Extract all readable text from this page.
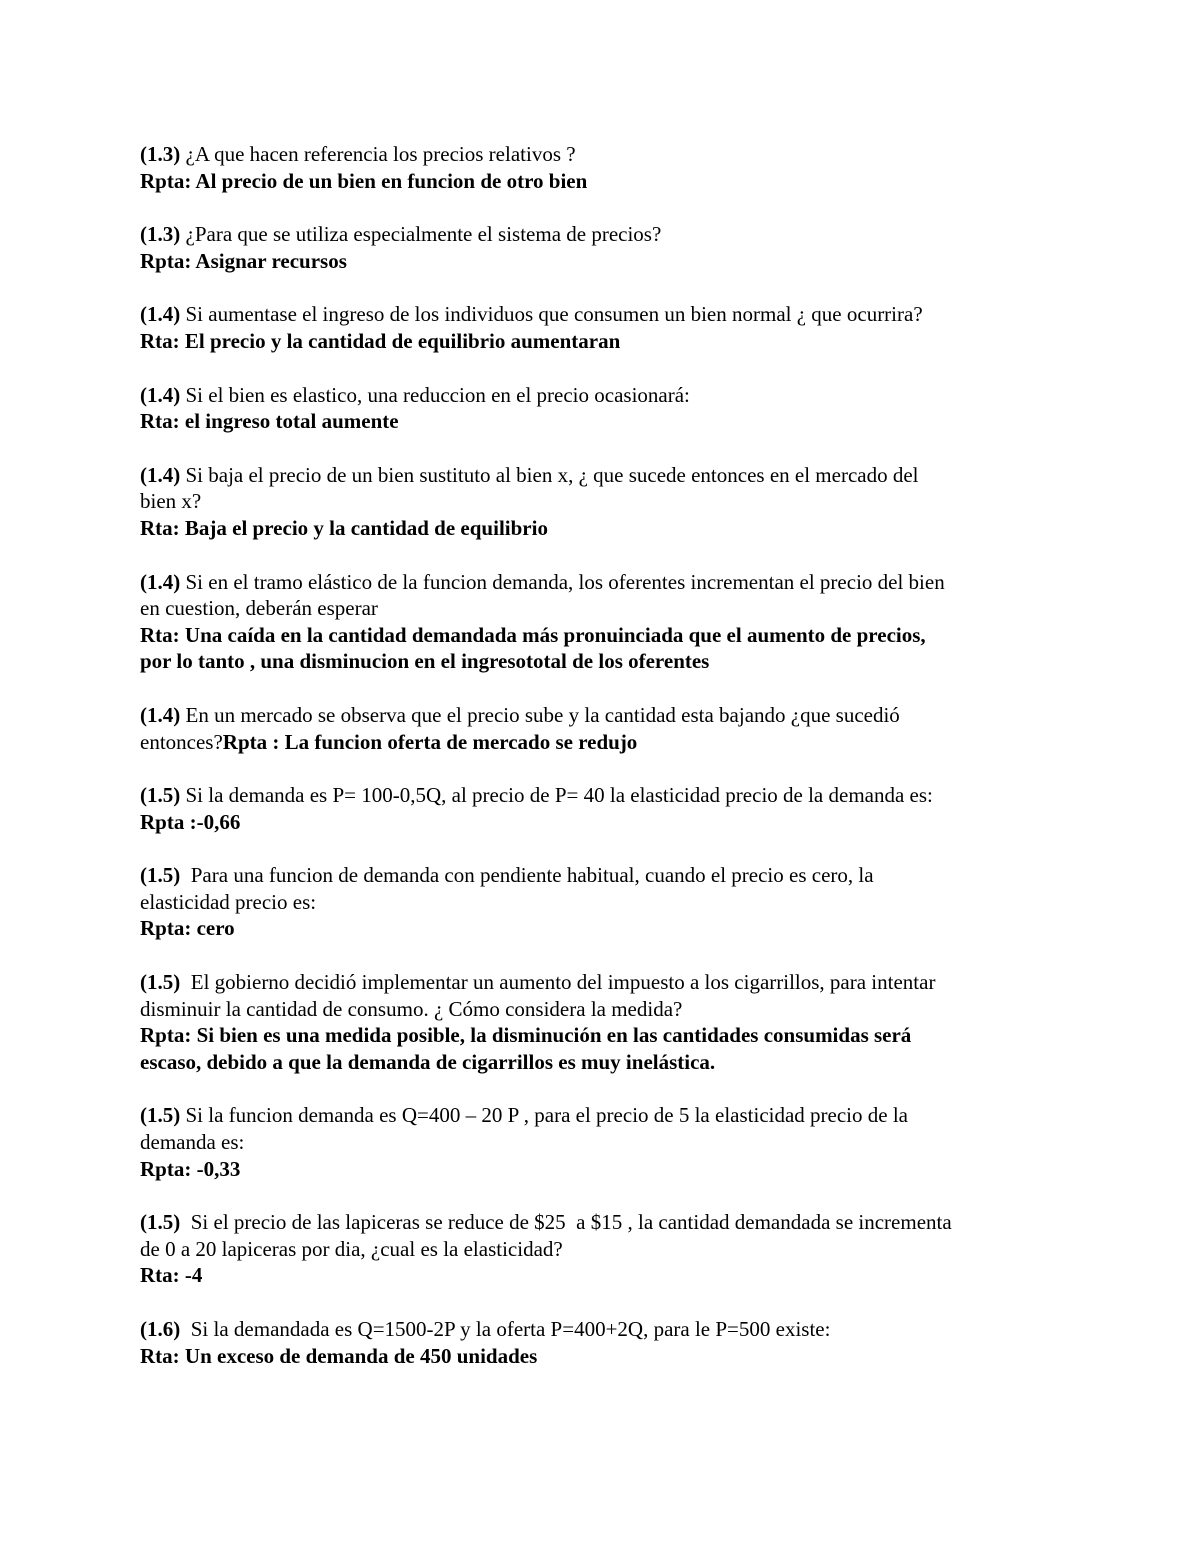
(1.3) ¿A que hacen referencia los precios relativos ?
Rpta: Al precio de un bien en funcion de otro bien
(1.3) ¿Para que se utiliza especialmente el sistema de precios?
Rpta: Asignar recursos
(1.4) Si aumentase el ingreso de los individuos que consumen un bien normal ¿ que ocurrira?
Rta: El precio y la cantidad de equilibrio aumentaran
(1.4) Si el bien es elastico, una reduccion en el precio ocasionará:
Rta: el ingreso total aumente
(1.4) Si baja el precio de un bien sustituto al bien x, ¿ que sucede entonces en el mercado del
bien x?
Rta: Baja el precio y la cantidad de equilibrio
(1.4) Si en el tramo elástico de la funcion demanda, los oferentes incrementan el precio del bien
en cuestion, deberán esperar
Rta: Una caída en la cantidad demandada más pronuinciada que el aumento de precios,
por lo tanto , una disminucion en el ingresototal de los oferentes
(1.4) En un mercado se observa que el precio sube y la cantidad esta bajando ¿que sucedió
entonces?Rpta : La funcion oferta de mercado se redujo
(1.5) Si la demanda es P= 100-0,5Q, al precio de P= 40 la elasticidad precio de la demanda es:
Rpta :-0,66
(1.5)  Para una funcion de demanda con pendiente habitual, cuando el precio es cero, la
elasticidad precio es:
Rpta: cero
(1.5)  El gobierno decidió implementar un aumento del impuesto a los cigarrillos, para intentar
disminuir la cantidad de consumo. ¿ Cómo considera la medida?
Rpta: Si bien es una medida posible, la disminución en las cantidades consumidas será
escaso, debido a que la demanda de cigarrillos es muy inelástica.
(1.5) Si la funcion demanda es Q=400 – 20 P , para el precio de 5 la elasticidad precio de la
demanda es:
Rpta: -0,33
(1.5)  Si el precio de las lapiceras se reduce de $25  a $15 , la cantidad demandada se incrementa
de 0 a 20 lapiceras por dia, ¿cual es la elasticidad?
Rta: -4
(1.6)  Si la demandada es Q=1500-2P y la oferta P=400+2Q, para le P=500 existe:
Rta: Un exceso de demanda de 450 unidades
